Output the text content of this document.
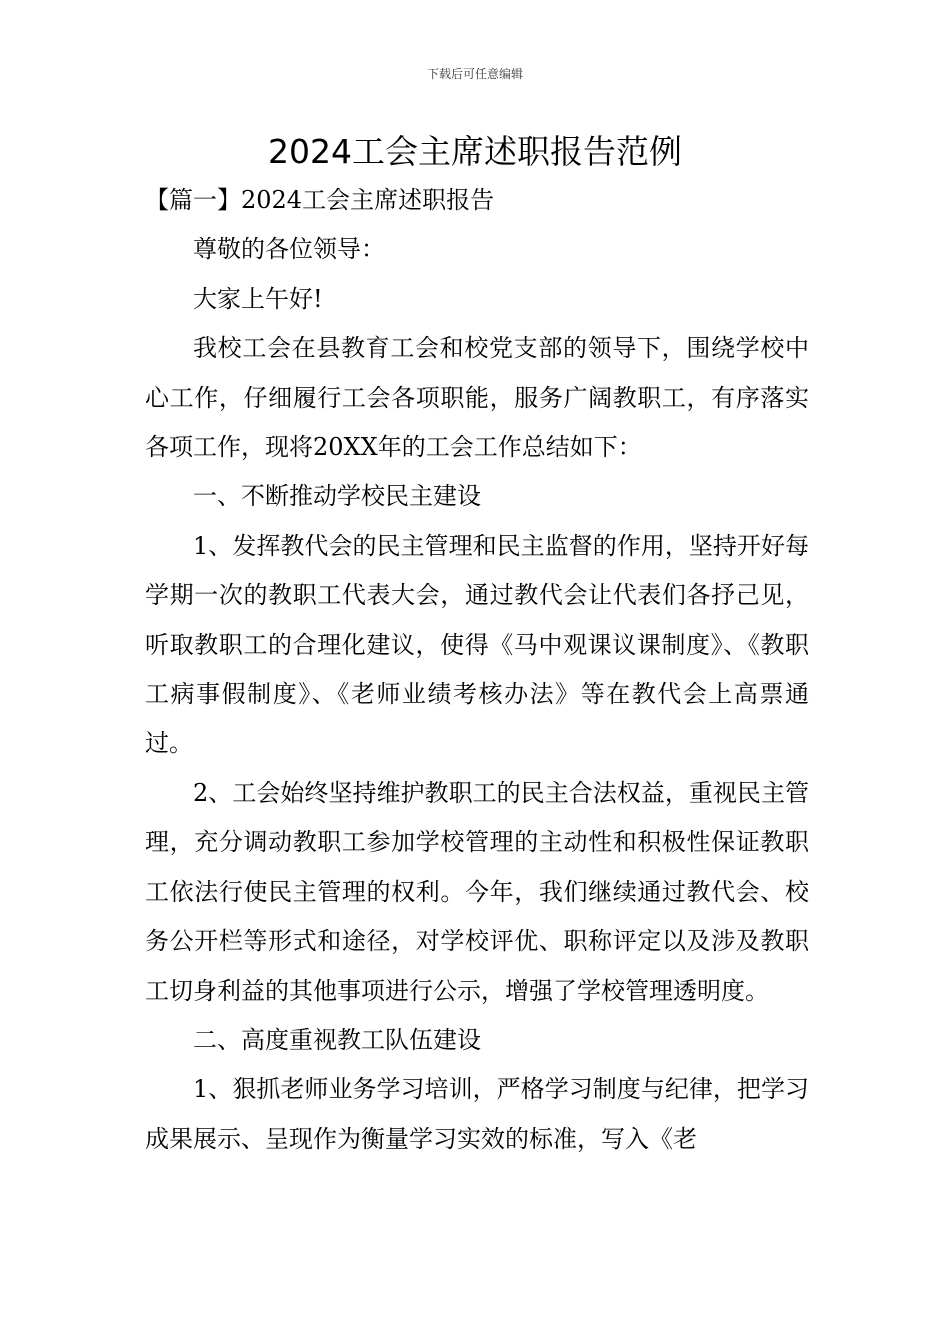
下载后可任意编辑
2024工会主席述职报告范例

【篇一】2024工会主席述职报告

尊敬的各位领导：

大家上午好!

我校工会在县教育工会和校党支部的领导下，围绕学校中心工作，仔细履行工会各项职能，服务广阔教职工，有序落实各项工作，现将20XX年的工会工作总结如下：

一、不断推动学校民主建设

1、发挥教代会的民主管理和民主监督的作用，坚持开好每学期一次的教职工代表大会，通过教代会让代表们各抒己见，听取教职工的合理化建议，使得《马中观课议课制度》、《教职工病事假制度》、《老师业绩考核办法》等在教代会上高票通过。

2、工会始终坚持维护教职工的民主合法权益，重视民主管理，充分调动教职工参加学校管理的主动性和积极性保证教职工依法行使民主管理的权利。今年，我们继续通过教代会、校务公开栏等形式和途径，对学校评优、职称评定以及涉及教职工切身利益的其他事项进行公示，增强了学校管理透明度。

二、高度重视教工队伍建设

1、狠抓老师业务学习培训，严格学习制度与纪律，把学习成果展示、呈现作为衡量学习实效的标准，写入《老
